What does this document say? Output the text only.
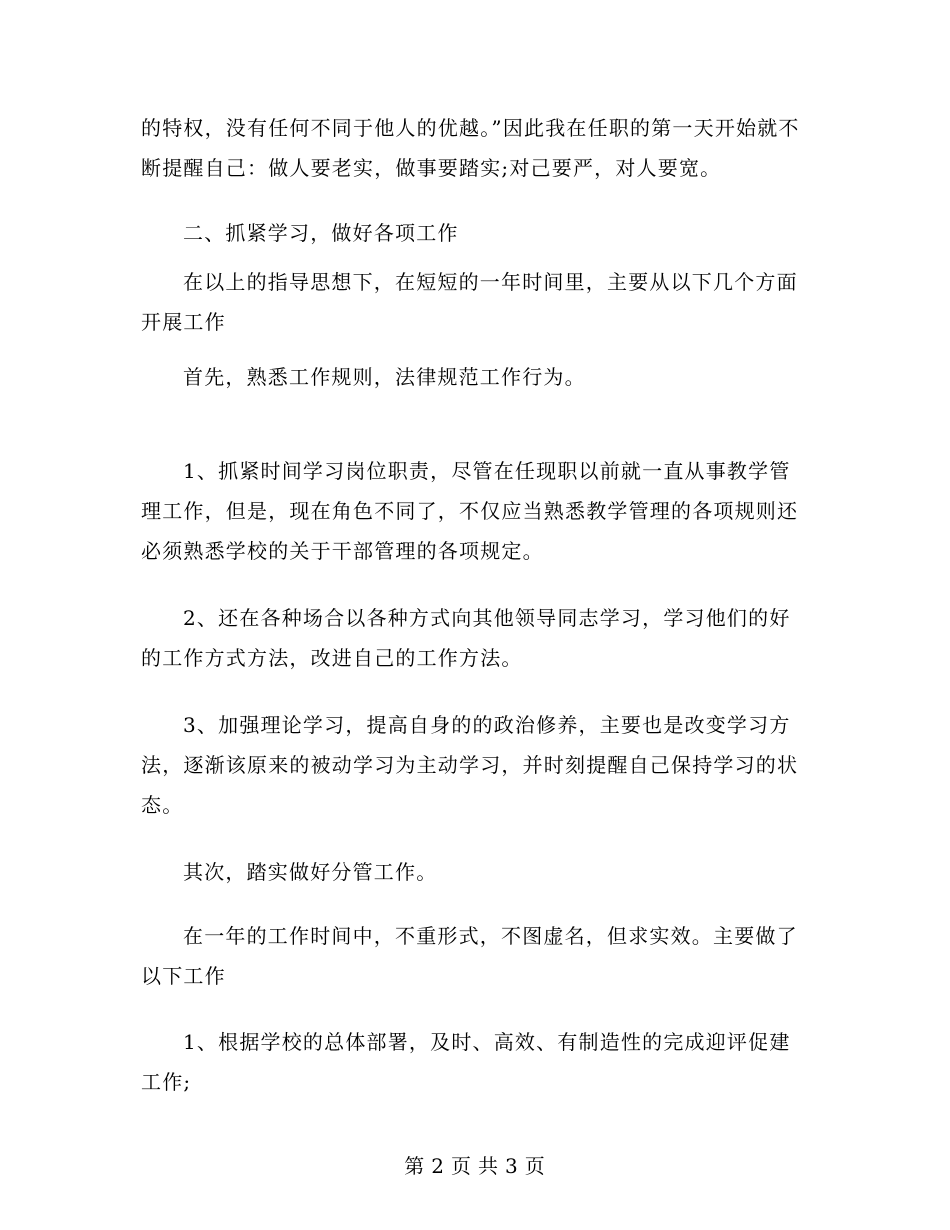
的特权，没有任何不同于他人的优越。”因此我在任职的第一天开始就不断提醒自己：做人要老实，做事要踏实;对己要严，对人要宽。

二、抓紧学习，做好各项工作

在以上的指导思想下，在短短的一年时间里，主要从以下几个方面开展工作

首先，熟悉工作规则，法律规范工作行为。

1、抓紧时间学习岗位职责，尽管在任现职以前就一直从事教学管理工作，但是，现在角色不同了，不仅应当熟悉教学管理的各项规则还必须熟悉学校的关于干部管理的各项规定。

2、还在各种场合以各种方式向其他领导同志学习，学习他们的好的工作方式方法，改进自己的工作方法。

3、加强理论学习，提高自身的的政治修养，主要也是改变学习方法，逐渐该原来的被动学习为主动学习，并时刻提醒自己保持学习的状态。

其次，踏实做好分管工作。

在一年的工作时间中，不重形式，不图虚名，但求实效。主要做了以下工作

1、根据学校的总体部署，及时、高效、有制造性的完成迎评促建工作;

第 2 页 共 3 页
